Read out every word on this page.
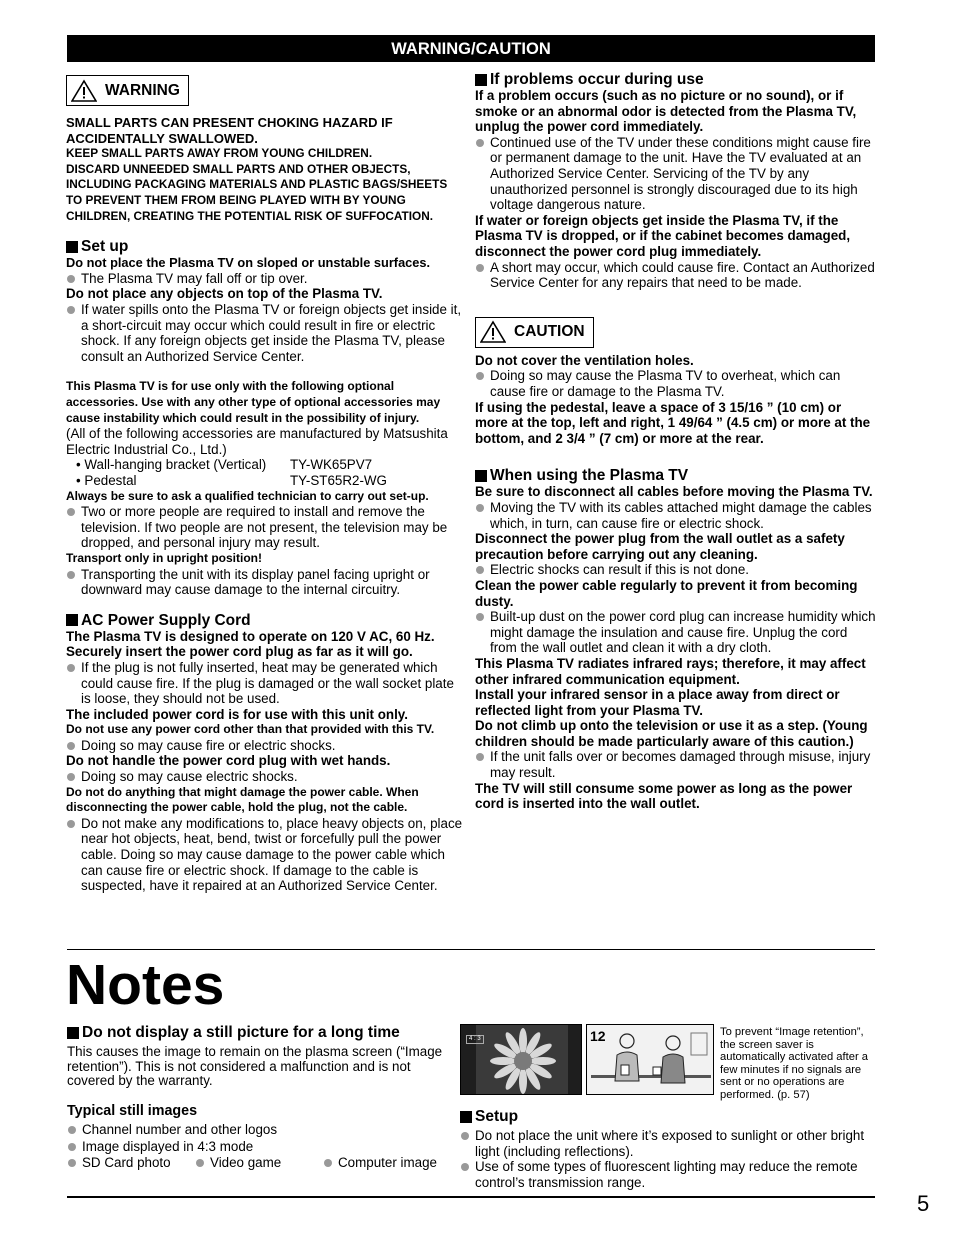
WARNING/CAUTION
WARNING
SMALL PARTS CAN PRESENT CHOKING HAZARD IF ACCIDENTALLY SWALLOWED.
KEEP SMALL PARTS AWAY FROM YOUNG CHILDREN.
DISCARD UNNEEDED SMALL PARTS AND OTHER OBJECTS, INCLUDING PACKAGING MATERIALS AND PLASTIC BAGS/SHEETS TO PREVENT THEM FROM BEING PLAYED WITH BY YOUNG CHILDREN, CREATING THE POTENTIAL RISK OF SUFFOCATION.
Set up
Do not place the Plasma TV on sloped or unstable surfaces.
The Plasma TV may fall off or tip over.
Do not place any objects on top of the Plasma TV.
If water spills onto the Plasma TV or foreign objects get inside it, a short-circuit may occur which could result in fire or electric shock. If any foreign objects get inside the Plasma TV, please consult an Authorized Service Center.
This Plasma TV is for use only with the following optional accessories. Use with any other type of optional accessories may cause instability which could result in the possibility of injury.
(All of the following accessories are manufactured by Matsushita Electric Industrial Co., Ltd.)
• Wall-hanging bracket (Vertical)	TY-WK65PV7
• Pedestal	TY-ST65R2-WG
Always be sure to ask a qualified technician to carry out set-up.
Two or more people are required to install and remove the television. If two people are not present, the television may be dropped, and personal injury may result.
Transport only in upright position!
Transporting the unit with its display panel facing upright or downward may cause damage to the internal circuitry.
AC Power Supply Cord
The Plasma TV is designed to operate on 120 V AC, 60 Hz.
Securely insert the power cord plug as far as it will go.
If the plug is not fully inserted, heat may be generated which could cause fire. If the plug is damaged or the wall socket plate is loose, they should not be used.
The included power cord is for use with this unit only.
Do not use any power cord other than that provided with this TV.
Doing so may cause fire or electric shocks.
Do not handle the power cord plug with wet hands.
Doing so may cause electric shocks.
Do not do anything that might damage the power cable. When disconnecting the power cable, hold the plug, not the cable.
Do not make any modifications to, place heavy objects on, place near hot objects, heat, bend, twist or forcefully pull the power cable. Doing so may cause damage to the power cable which can cause fire or electric shock. If damage to the cable is suspected, have it repaired at an Authorized Service Center.
If problems occur during use
If a problem occurs (such as no picture or no sound), or if smoke or an abnormal odor is detected from the Plasma TV, unplug the power cord immediately.
Continued use of the TV under these conditions might cause fire or permanent damage to the unit. Have the TV evaluated at an Authorized Service Center. Servicing of the TV by any unauthorized personnel is strongly discouraged due to its high voltage dangerous nature.
If water or foreign objects get inside the Plasma TV, if the Plasma TV is dropped, or if the cabinet becomes damaged, disconnect the power cord plug immediately.
A short may occur, which could cause fire. Contact an Authorized Service Center for any repairs that need to be made.
CAUTION
Do not cover the ventilation holes.
Doing so may cause the Plasma TV to overheat, which can cause fire or damage to the Plasma TV.
If using the pedestal, leave a space of 3 15/16 ” (10 cm) or more at the top, left and right, 1 49/64 ” (4.5 cm) or more at the bottom, and 2 3/4 ” (7 cm) or more at the rear.
When using the Plasma TV
Be sure to disconnect all cables before moving the Plasma TV.
Moving the TV with its cables attached might damage the cables which, in turn, can cause fire or electric shock.
Disconnect the power plug from the wall outlet as a safety precaution before carrying out any cleaning.
Electric shocks can result if this is not done.
Clean the power cable regularly to prevent it from becoming dusty.
Built-up dust on the power cord plug can increase humidity which might damage the insulation and cause fire. Unplug the cord from the wall outlet and clean it with a dry cloth.
This Plasma TV radiates infrared rays; therefore, it may affect other infrared communication equipment.
Install your infrared sensor in a place away from direct or reflected light from your Plasma TV.
Do not climb up onto the television or use it as a step. (Young children should be made particularly aware of this caution.)
If the unit falls over or becomes damaged through misuse, injury may result.
The TV will still consume some power as long as the power cord is inserted into the wall outlet.
Notes
Do not display a still picture for a long time
This causes the image to remain on the plasma screen (“Image retention”). This is not considered a malfunction and is not covered by the warranty.
Typical still images
Channel number and other logos
Image displayed in 4:3 mode
SD Card photo	Video game	Computer image
4 : 3	12	To prevent “Image retention”, the screen saver is automatically activated after a few minutes if no signals are sent or no operations are performed. (p. 57)
Setup
Do not place the unit where it’s exposed to sunlight or other bright light (including reflections).
Use of some types of fluorescent lighting may reduce the remote control’s transmission range.
5
